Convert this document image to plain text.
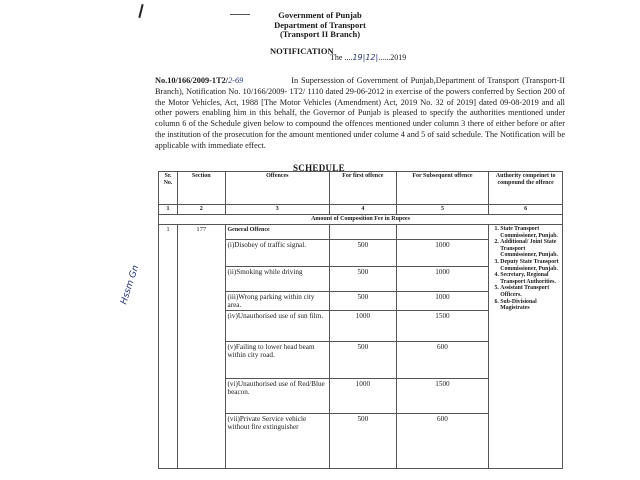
Government of Punjab
Department of Transport
(Transport II Branch)
NOTIFICATION
The ....19|12|......2019
No.10/166/2009-1T2/2-69	In Supersession of Government of Punjab,Department of Transport (Transport-II Branch), Notification No. 10/166/2009- 1T2/ 1110 dated 29-06-2012 in exercise of the powers conferred by Section 200 of the Motor Vehicles, Act, 1988 [The Motor Vehicles (Amendment) Act, 2019 No. 32 of 2019] dated 09-08-2019 and all other powers enabling him in this behalf, the Governor of Punjab is pleased to specify the authorities mentioned under column 6 of the Schedule given below to compound the offences mentioned under column 3 there of either before or after the institution of the prosecution for the amount mentioned under colume 4 and 5 of said schedule. The Notification will be applicable with immediate effect.
SCHEDULE
Hssm Gn
Sr. No.	Section	Offences	For first offence	For Subsequent offence	Authority compeinet to compound the offence
1	2	3	4	5	6
Amount of Composition Fee in Rupees					
1	177	General Offence			
1.State Transport Commissioner, Punjab.
2. Additional/ Joint State Transport Commissioner, Punjab.
3. Deputy State Transport Commissioner, Punjab.
4. Secretary, Regional Transport Authorities.
5. Assistant Transport Officers.
6. Sub-Divisional Magistrates

		(i)Disobey of traffic signal.	500	1000	
		(ii)Smoking while driving	500	1000	
		(iii)Wrong parking within city area.	500	1000	
		(iv)Unauthorised use of sun film.	1000	1500	
		(v)Failing to lower head beam within city road.	500	600	
		(vi)Unauthorised use of Red/Blue beacon.	1000	1500	
		(vii)Private Service vehicle without fire extinguisher	500	600	
